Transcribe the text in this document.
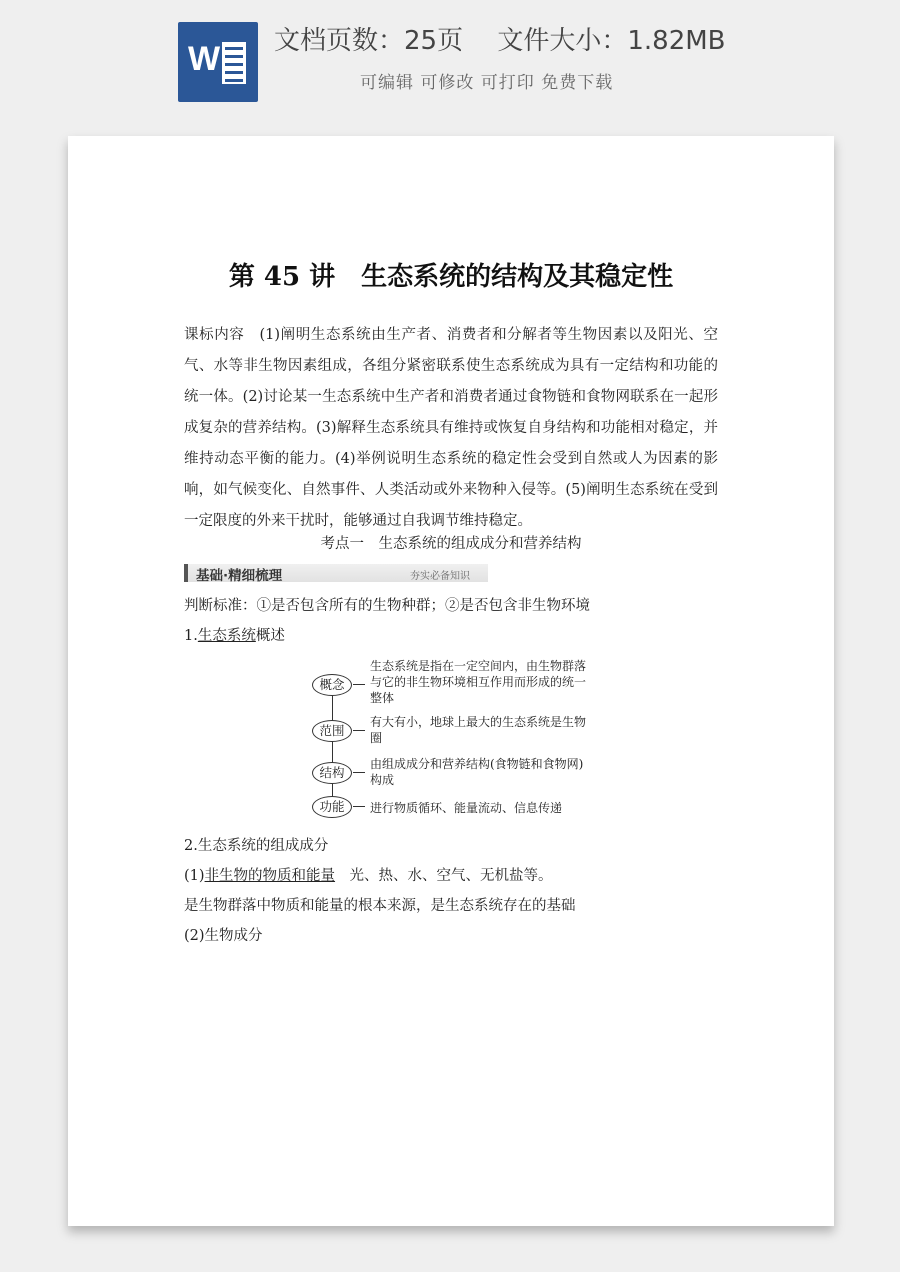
W 文档页数：25页　 文件大小：1.82MB
可编辑 可修改 可打印 免费下载
第 45 讲　生态系统的结构及其稳定性
课标内容　(1)阐明生态系统由生产者、消费者和分解者等生物因素以及阳光、空气、水等非生物因素组成，各组分紧密联系使生态系统成为具有一定结构和功能的统一体。(2)讨论某一生态系统中生产者和消费者通过食物链和食物网联系在一起形成复杂的营养结构。(3)解释生态系统具有维持或恢复自身结构和功能相对稳定，并维持动态平衡的能力。(4)举例说明生态系统的稳定性会受到自然或人为因素的影响，如气候变化、自然事件、人类活动或外来物种入侵等。(5)阐明生态系统在受到一定限度的外来干扰时，能够通过自我调节维持稳定。
考点一　生态系统的组成成分和营养结构
基础·精细梳理	夯实必备知识
判断标准：①是否包含所有的生物种群；②是否包含非生物环境
1.生态系统概述
概念
生态系统是指在一定空间内，由生物群落与它的非生物环境相互作用而形成的统一整体
范围
有大有小，地球上最大的生态系统是生物圈
结构
由组成成分和营养结构(食物链和食物网)构成
功能	进行物质循环、能量流动、信息传递
2.生态系统的组成成分
(1)非生物的物质和能量　光、热、水、空气、无机盐等。
是生物群落中物质和能量的根本来源，是生态系统存在的基础
(2)生物成分
